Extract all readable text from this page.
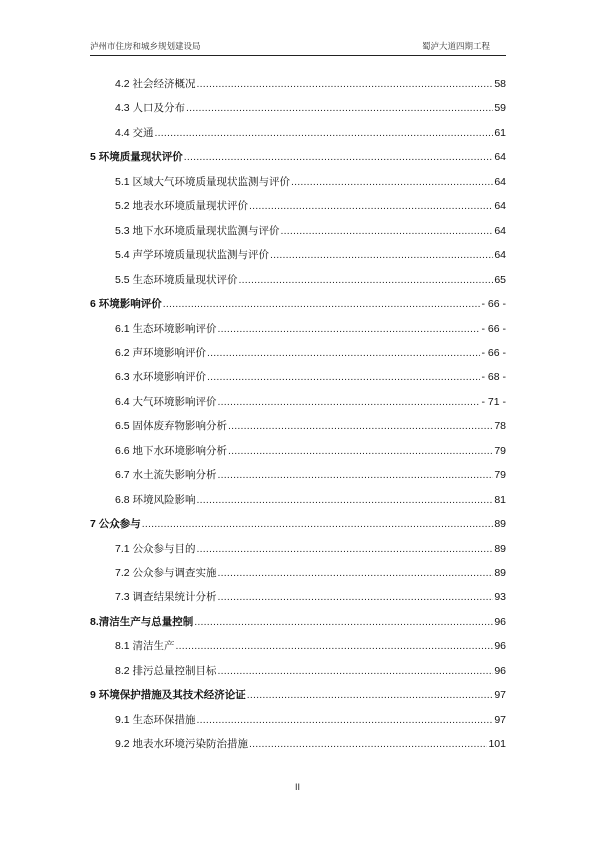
泸州市住房和城乡规划建设局	蜀泸大道四期工程
4.2 社会经济概况 .....	58
4.3 人口及分布 .....	59
4.4 交通 .....	61
5 环境质量现状评价 .....	64
5.1 区域大气环境质量现状监测与评价 .....	64
5.2 地表水环境质量现状评价 .....	64
5.3 地下水环境质量现状监测与评价 .....	64
5.4 声学环境质量现状监测与评价 .....	64
5.5 生态环境质量现状评价 .....	65
6 环境影响评价 .....	- 66 -
6.1 生态环境影响评价 .....	- 66 -
6.2 声环境影响评价 .....	- 66 -
6.3 水环境影响评价 .....	- 68 -
6.4 大气环境影响评价 .....	- 71 -
6.5 固体废弃物影响分析 .....	78
6.6 地下水环境影响分析 .....	79
6.7 水土流失影响分析 .....	79
6.8 环境风险影响 .....	81
7 公众参与 .....	89
7.1 公众参与目的 .....	89
7.2 公众参与调查实施 .....	89
7.3 调查结果统计分析 .....	93
8.清洁生产与总量控制 .....	96
8.1 清洁生产 .....	96
8.2 排污总量控制目标 .....	96
9 环境保护措施及其技术经济论证 .....	97
9.1 生态环保措施 .....	97
9.2 地表水环境污染防治措施 .....	101
II
